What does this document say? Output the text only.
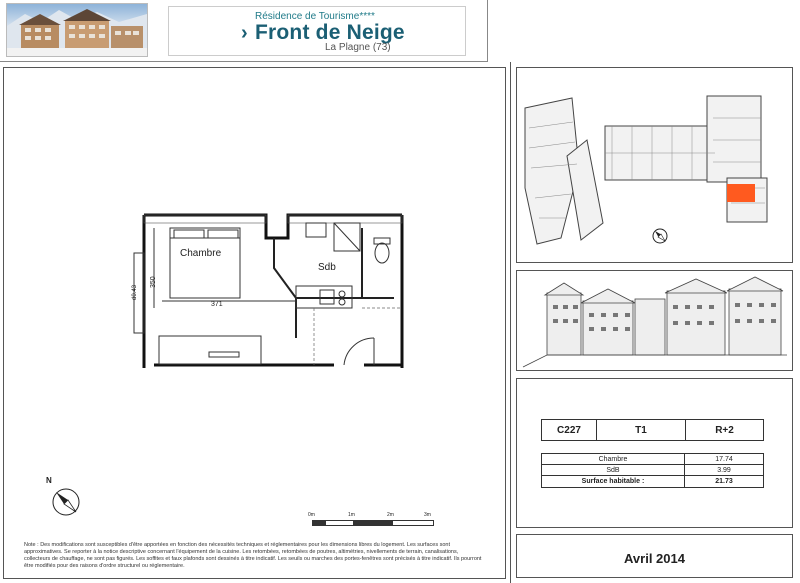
Résidence de Tourisme****
› Front de Neige
La Plagne (73)
Chambre
Sdb
371
350
d0.43
N
0m	1m	2m	3m
Note : Des modifications sont susceptibles d'être apportées en fonction des nécessités techniques et réglementaires pour les dimensions libres du logement. Les surfaces sont approximatives. Se reporter à la notice descriptive concernant l'équipement de la cuisine. Les retombées, retombées de poutres, altimétries, nivellements de terrain, canalisations, collecteurs de chauffage, ne sont pas figurés. Les soffites et faux plafonds sont dessinés à titre indicatif. Les seuils ou marches des portes-fenêtres sont précisés à titre indicatif. Ils pourront être modifiés pour des raisons d'ordre structurel ou réglementaire.
C227	T1	R+2
Chambre	17.74
SdB	3.99
Surface habitable :	21.73
Avril 2014
